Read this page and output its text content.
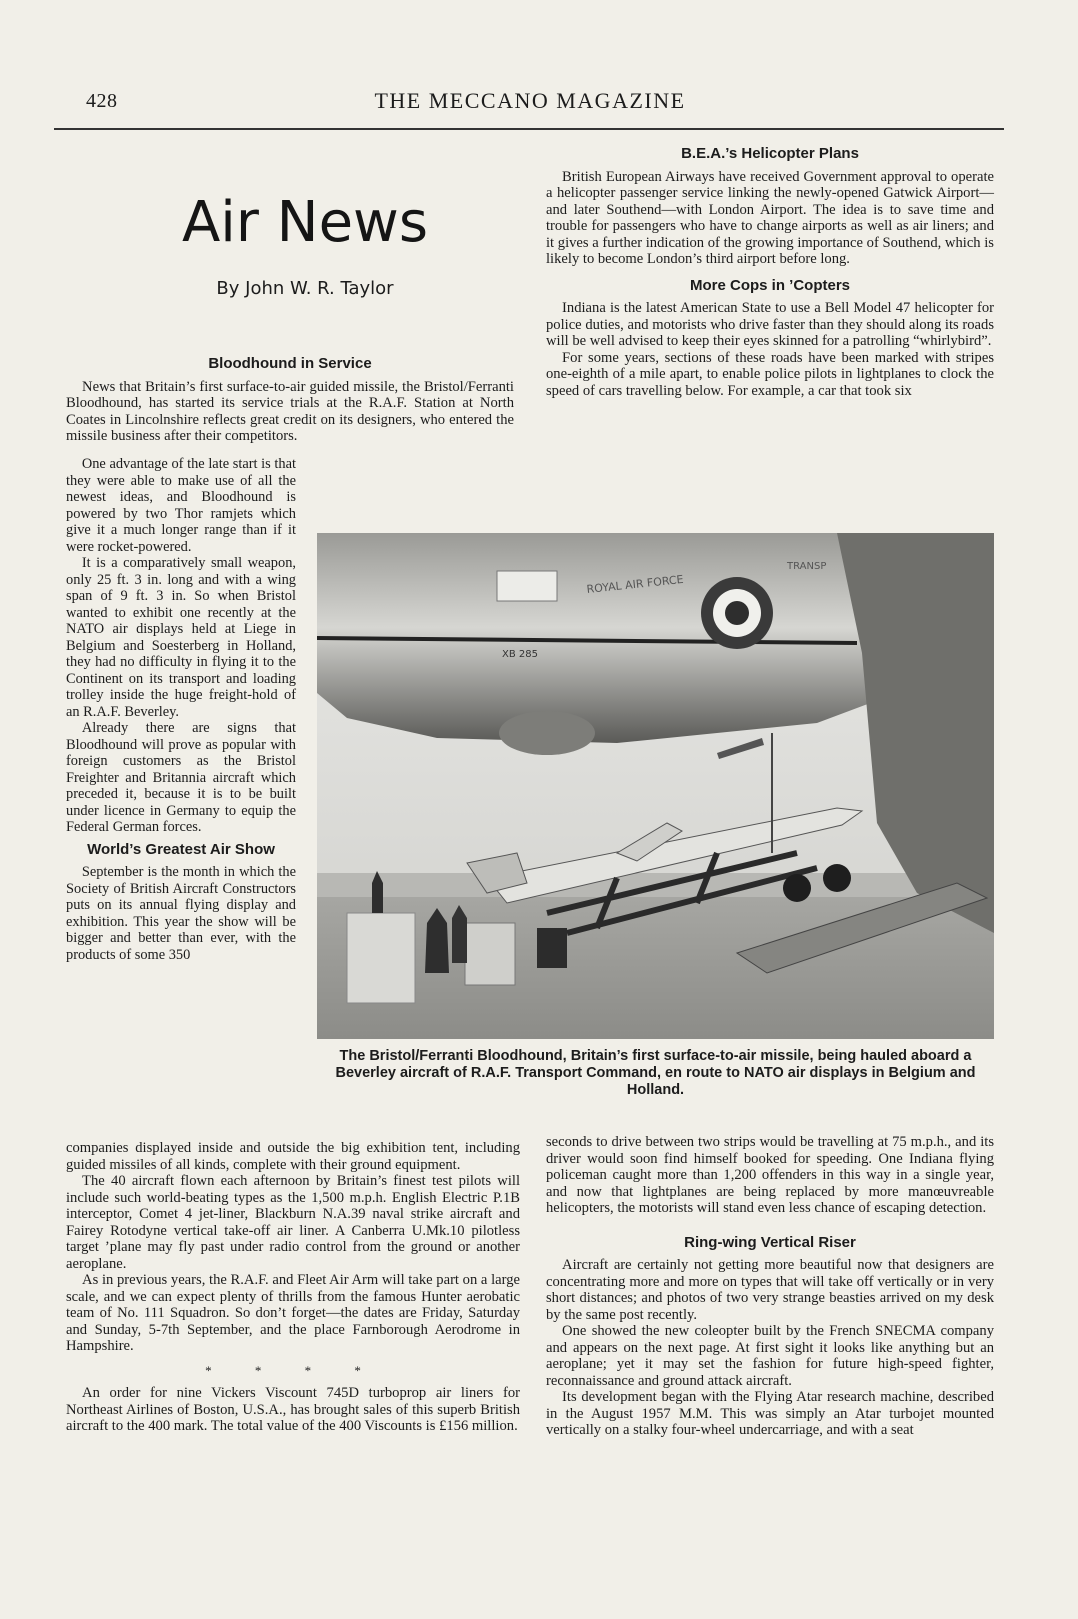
428	THE MECCANO MAGAZINE
Air News
By John W. R. Taylor
Bloodhound in Service

News that Britain’s first surface-to-air guided missile, the Bristol/Ferranti Bloodhound, has started its service trials at the R.A.F. Station at North Coates in Lincolnshire reflects great credit on its designers, who entered the missile business after their competitors.

One advantage of the late start is that they were able to make use of all the newest ideas, and Bloodhound is powered by two Thor ramjets which give it a much longer range than if it were rocket-powered.

It is a comparatively small weapon, only 25 ft. 3 in. long and with a wing span of 9 ft. 3 in. So when Bristol wanted to exhibit one recently at the NATO air displays held at Liege in Belgium and Soesterberg in Holland, they had no difficulty in flying it to the Continent on its transport and loading trolley inside the huge freight-hold of an R.A.F. Beverley.

Already there are signs that Bloodhound will prove as popular with foreign customers as the Bristol Freighter and Britannia aircraft which preceded it, because it is to be built under licence in Germany to equip the Federal German forces.

World’s Greatest Air Show

September is the month in which the Society of British Aircraft Constructors puts on its annual flying display and exhibition. This year the show will be bigger and better than ever, with the products of some 350

companies displayed inside and outside the big exhibition tent, including guided missiles of all kinds, complete with their ground equipment.

The 40 aircraft flown each afternoon by Britain’s finest test pilots will include such world-beating types as the 1,500 m.p.h. English Electric P.1B interceptor, Comet 4 jet-liner, Blackburn N.A.39 naval strike aircraft and Fairey Rotodyne vertical take-off air liner. A Canberra U.Mk.10 pilotless target ’plane may fly past under radio control from the ground or another aeroplane.

As in previous years, the R.A.F. and Fleet Air Arm will take part on a large scale, and we can expect plenty of thrills from the famous Hunter aerobatic team of No. 111 Squadron. So don’t forget—the dates are Friday, Saturday and Sunday, 5-7th September, and the place Farnborough Aerodrome in Hampshire.

* * * *

An order for nine Vickers Viscount 745D turboprop air liners for Northeast Airlines of Boston, U.S.A., has brought sales of this superb British aircraft to the 400 mark. The total value of the 400 Viscounts is £156 million.

B.E.A.’s Helicopter Plans

British European Airways have received Government approval to operate a helicopter passenger service linking the newly-opened Gatwick Airport—and later Southend—with London Airport. The idea is to save time and trouble for passengers who have to change airports as well as air liners; and it gives a further indication of the growing importance of Southend, which is likely to become London’s third airport before long.

More Cops in ’Copters

Indiana is the latest American State to use a Bell Model 47 helicopter for police duties, and motorists who drive faster than they should along its roads will be well advised to keep their eyes skinned for a patrolling “whirlybird”.

For some years, sections of these roads have been marked with stripes one-eighth of a mile apart, to enable police pilots in lightplanes to clock the speed of cars travelling below. For example, a car that took six

ROYAL AIR FORCE
TRANSP
XB 285
The Bristol/Ferranti Bloodhound, Britain’s first surface-to-air missile, being hauled aboard a Beverley aircraft of R.A.F. Transport Command, en route to NATO air displays in Belgium and Holland.

seconds to drive between two strips would be travelling at 75 m.p.h., and its driver would soon find himself booked for speeding. One Indiana flying policeman caught more than 1,200 offenders in this way in a single year, and now that lightplanes are being replaced by more manœuvreable helicopters, the motorists will stand even less chance of escaping detection.

Ring-wing Vertical Riser

Aircraft are certainly not getting more beautiful now that designers are concentrating more and more on types that will take off vertically or in very short distances; and photos of two very strange beasties arrived on my desk by the same post recently.

One showed the new coleopter built by the French SNECMA company and appears on the next page. At first sight it looks like anything but an aeroplane; yet it may set the fashion for future high-speed fighter, reconnaissance and ground attack aircraft.

Its development began with the Flying Atar research machine, described in the August 1957 M.M. This was simply an Atar turbojet mounted vertically on a stalky four-wheel undercarriage, and with a seat
